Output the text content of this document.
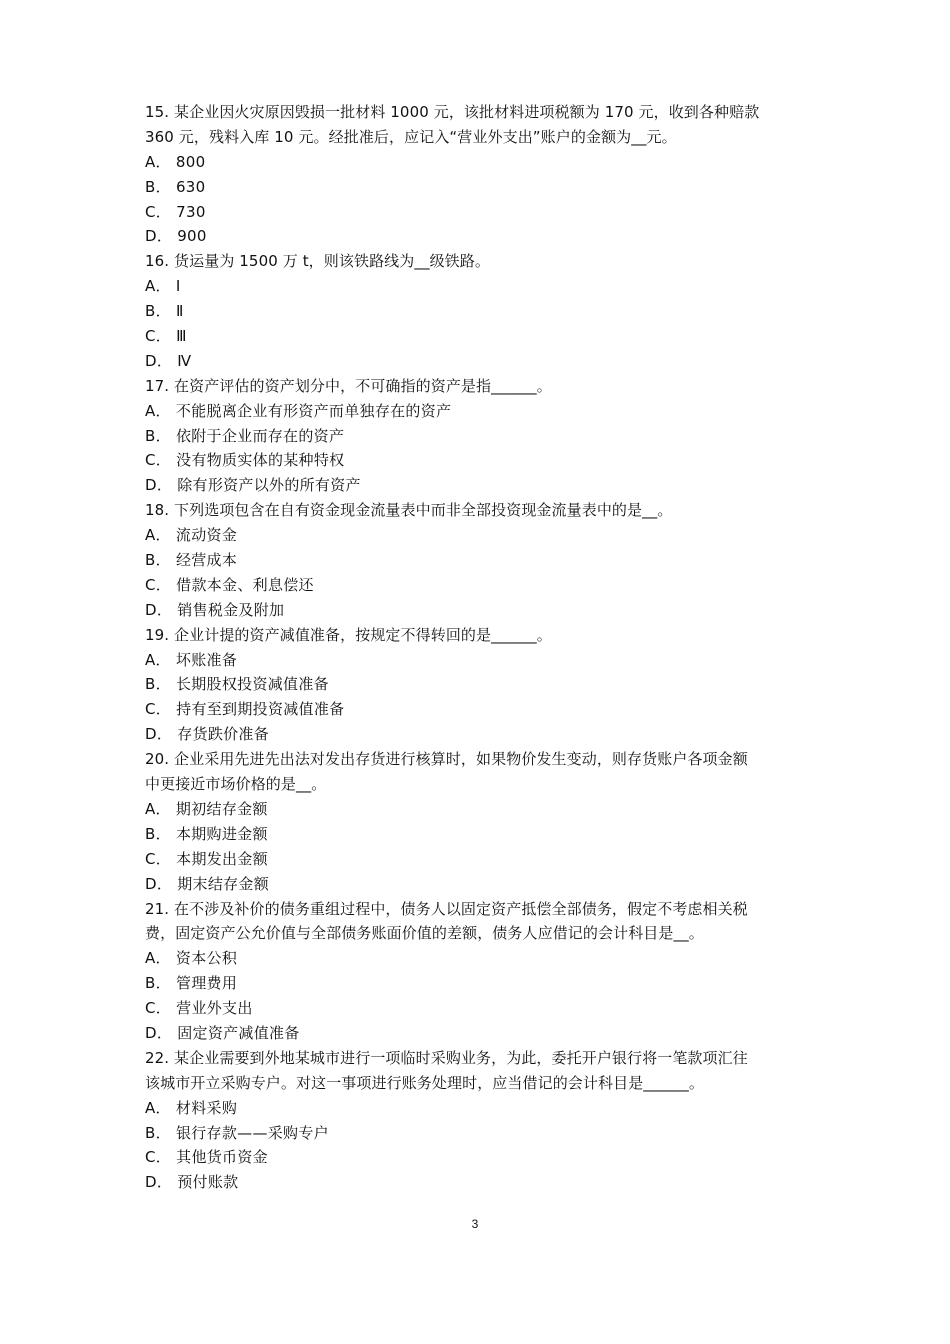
15. 某企业因火灾原因毁损一批材料 1000 元，该批材料进项税额为 170 元，收到各种赔款
360 元，残料入库 10 元。经批准后，应记入“营业外支出”账户的金额为__元。
A． 800
B． 630
C． 730
D． 900
16. 货运量为 1500 万 t，则该铁路线为__级铁路。
A． Ⅰ
B． Ⅱ
C． Ⅲ
D． Ⅳ
17. 在资产评估的资产划分中，不可确指的资产是指______。
A． 不能脱离企业有形资产而单独存在的资产
B． 依附于企业而存在的资产
C． 没有物质实体的某种特权
D． 除有形资产以外的所有资产
18. 下列选项包含在自有资金现金流量表中而非全部投资现金流量表中的是__。
A． 流动资金
B． 经营成本
C． 借款本金、利息偿还
D． 销售税金及附加
19. 企业计提的资产减值准备，按规定不得转回的是______。
A． 坏账准备
B． 长期股权投资减值准备
C． 持有至到期投资减值准备
D． 存货跌价准备
20. 企业采用先进先出法对发出存货进行核算时，如果物价发生变动，则存货账户各项金额
中更接近市场价格的是__。
A． 期初结存金额
B． 本期购进金额
C． 本期发出金额
D． 期末结存金额
21. 在不涉及补价的债务重组过程中，债务人以固定资产抵偿全部债务，假定不考虑相关税
费，固定资产公允价值与全部债务账面价值的差额，债务人应借记的会计科目是__。
A． 资本公积
B． 管理费用
C． 营业外支出
D． 固定资产减值准备
22. 某企业需要到外地某城市进行一项临时采购业务，为此，委托开户银行将一笔款项汇往
该城市开立采购专户。对这一事项进行账务处理时，应当借记的会计科目是______。
A． 材料采购
B． 银行存款——采购专户
C． 其他货币资金
D． 预付账款
3
